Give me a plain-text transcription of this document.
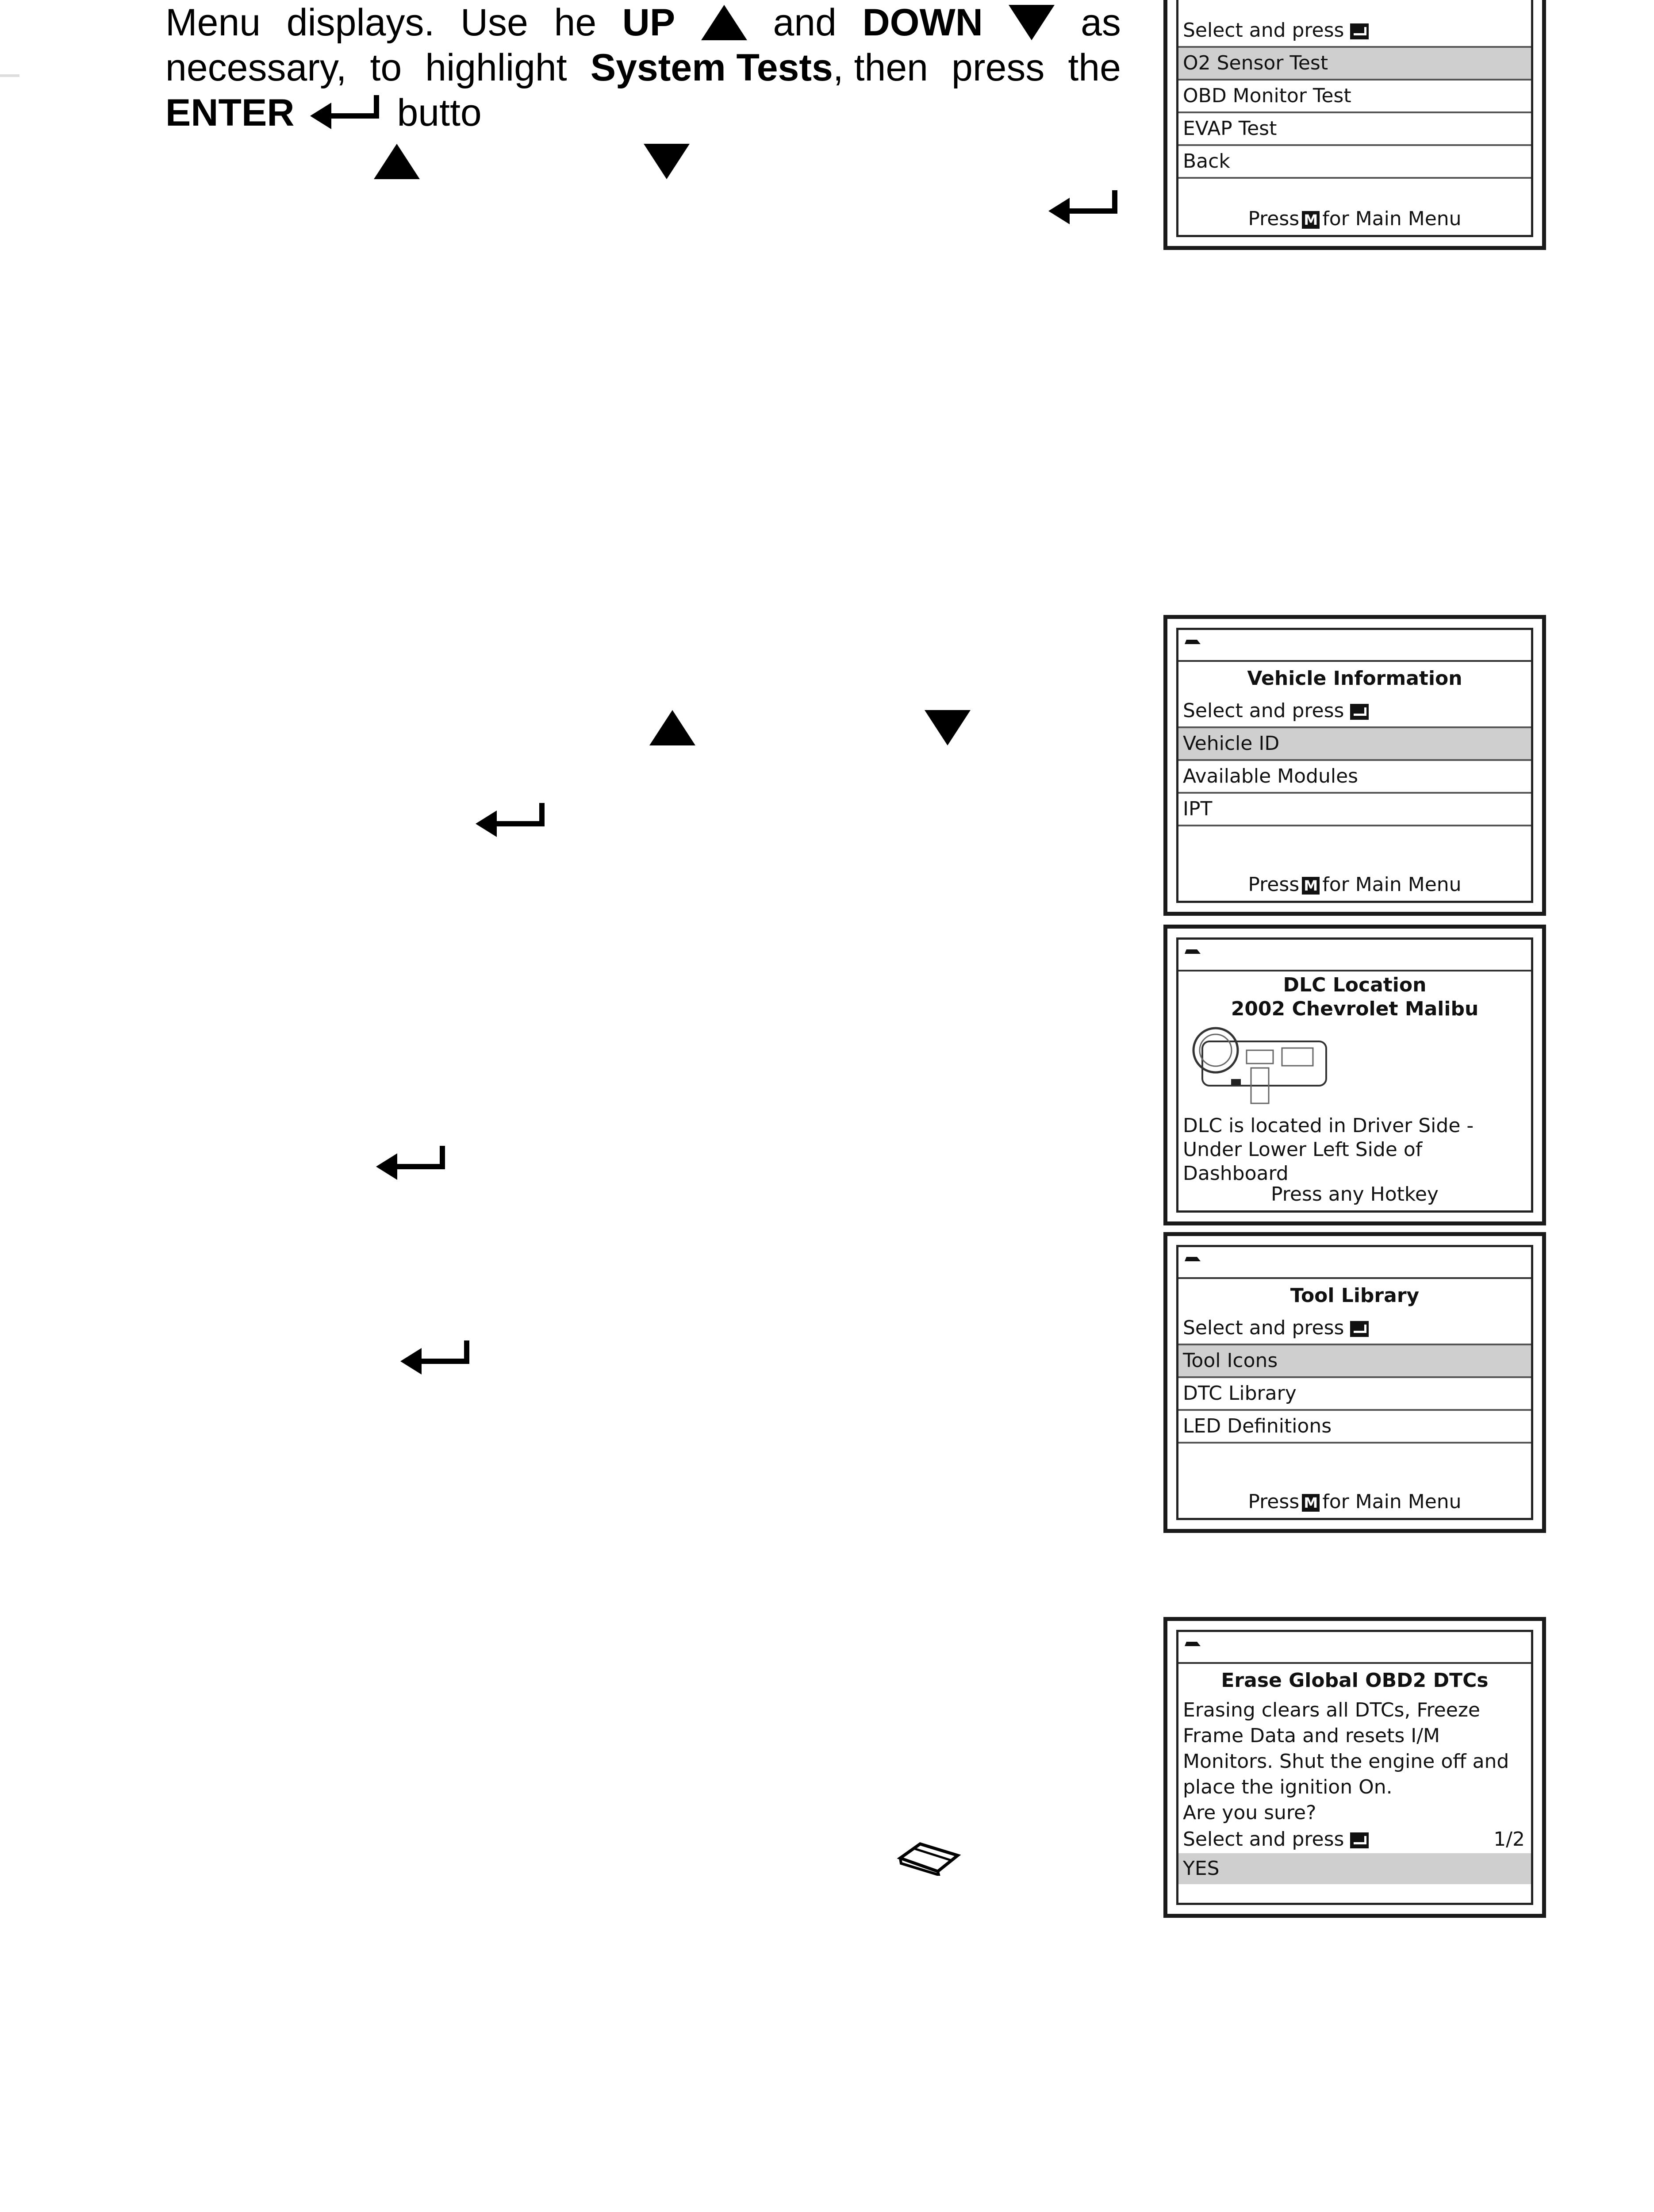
Menu displays. Use he UP	and DOWN	as
necessary, to highlight System Tests, then press the
ENTER	butto
Select and press
O2 Sensor Test
OBD Monitor Test
EVAP Test
Back
Press M for Main Menu
Vehicle Information
Select and press
Vehicle ID
Available Modules
IPT
Press M for Main Menu
DLC Location
2002 Chevrolet Malibu
DLC is located in Driver Side -
Under Lower Left Side of
Dashboard
Press any Hotkey
Tool Library
Select and press
Tool Icons
DTC Library
LED Definitions
Press M for Main Menu
Erase Global OBD2 DTCs
Erasing clears all DTCs, Freeze
Frame Data and resets I/M
Monitors. Shut the engine off and
place the ignition On.
Are you sure?
Select and press	1/2
YES
